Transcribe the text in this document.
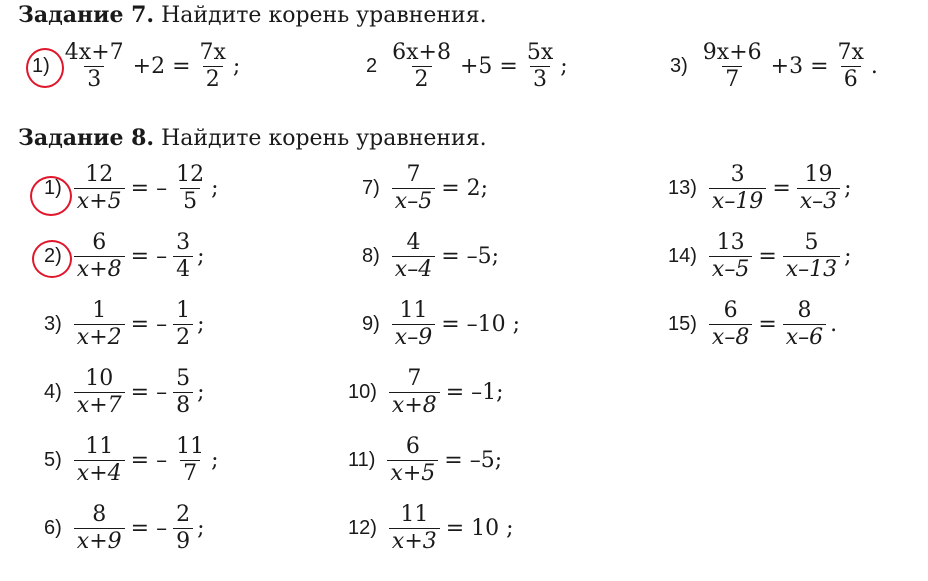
Задание 7. Найдите корень уравнения.
$1) \frac{4x+7}{3} +2 = \frac{7x}{2}$ ;	$2 \frac{6x+8}{2} +5 = \frac{5x}{3}$ ;	$3) \frac{9x+6}{7} +3 = \frac{7x}{6}$ .
Задание 8. Найдите корень уравнения.
$1) \frac{12}{x+5}$ = – $\frac{12}{5}$ ;
$2) \frac{6}{x+8}$ = – $\frac{3}{4}$ ;
$3) \frac{1}{x+2}$ = – $\frac{1}{2}$ ;
$4) \frac{10}{x+7}$ = – $\frac{5}{8}$ ;
$5) \frac{11}{x+4}$ = – $\frac{11}{7}$ ;
$6) \frac{8}{x+9}$ = – $\frac{2}{9}$ ;
$7) \frac{7}{x-5} = 2$;
$8) \frac{4}{x-4} = -5$;
$9) \frac{11}{x-9} = -10$ ;
$10) \frac{7}{x+8} = -1$;
$11) \frac{6}{x+5} = -5$;
$12) \frac{11}{x+3} = 10$ ;
$13) \frac{3}{x-19} = \frac{19}{x-3}$ ;
$14) \frac{13}{x-5} = \frac{5}{x-13}$ ;
$15) \frac{6}{x-8} = \frac{8}{x-6}$ .
